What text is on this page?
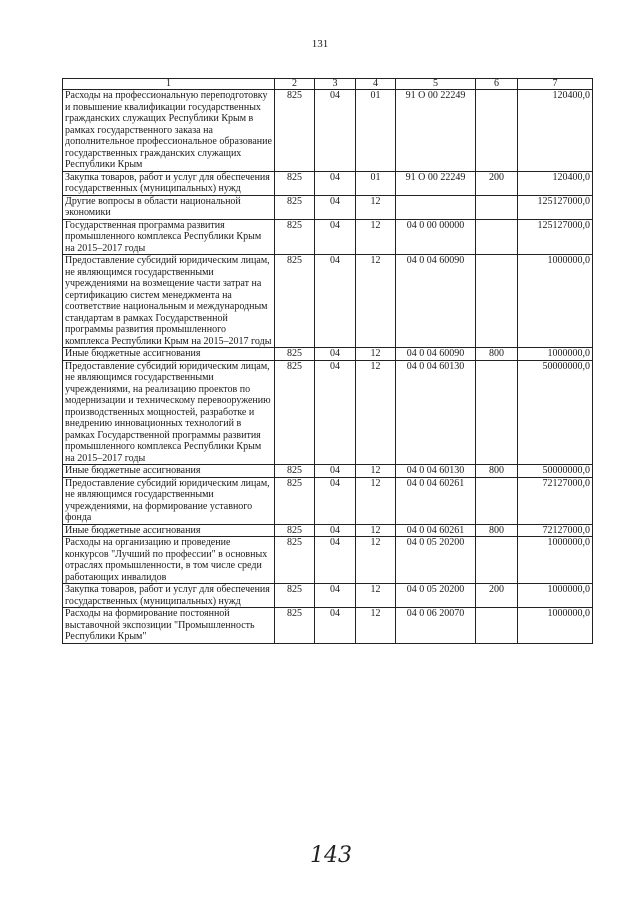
131
1	2	3	4	5	6	7
Расходы на профессиональную переподготовку и повышение квалификации государственных гражданских служащих Республики Крым в рамках государственного заказа на дополнительное профессиональное образование государственных гражданских служащих Республики Крым	825	04	01	91 О 00 22249		120400,0
Закупка товаров, работ и услуг для обеспечения государственных (муниципальных) нужд	825	04	01	91 О 00 22249	200	120400,0
Другие вопросы в области национальной экономики	825	04	12			125127000,0
Государственная программа развития промышленного комплекса Республики Крым на 2015–2017 годы	825	04	12	04 0 00 00000		125127000,0
Предоставление субсидий юридическим лицам, не являющимся государственными учреждениями на возмещение части затрат на сертификацию систем менеджмента на соответствие национальным и международным стандартам в рамках Государственной программы развития промышленного комплекса Республики Крым на 2015–2017 годы	825	04	12	04 0 04 60090		1000000,0
Иные бюджетные ассигнования	825	04	12	04 0 04 60090	800	1000000,0
Предоставление субсидий юридическим лицам, не являющимся государственными учреждениями, на реализацию проектов по модернизации и техническому перевооружению производственных мощностей, разработке и внедрению инновационных технологий в рамках Государственной программы развития промышленного комплекса Республики Крым на 2015–2017 годы	825	04	12	04 0 04 60130		50000000,0
Иные бюджетные ассигнования	825	04	12	04 0 04 60130	800	50000000,0
Предоставление субсидий юридическим лицам, не являющимся государственными учреждениями, на формирование уставного фонда	825	04	12	04 0 04 60261		72127000,0
Иные бюджетные ассигнования	825	04	12	04 0 04 60261	800	72127000,0
Расходы на организацию и проведение конкурсов "Лучший по профессии" в основных отраслях промышленности, в том числе среди работающих инвалидов	825	04	12	04 0 05 20200		1000000,0
Закупка товаров, работ и услуг для обеспечения государственных (муниципальных) нужд	825	04	12	04 0 05 20200	200	1000000,0
Расходы на формирование постоянной выставочной экспозиции "Промышленность Республики Крым"	825	04	12	04 0 06 20070		1000000,0
143
